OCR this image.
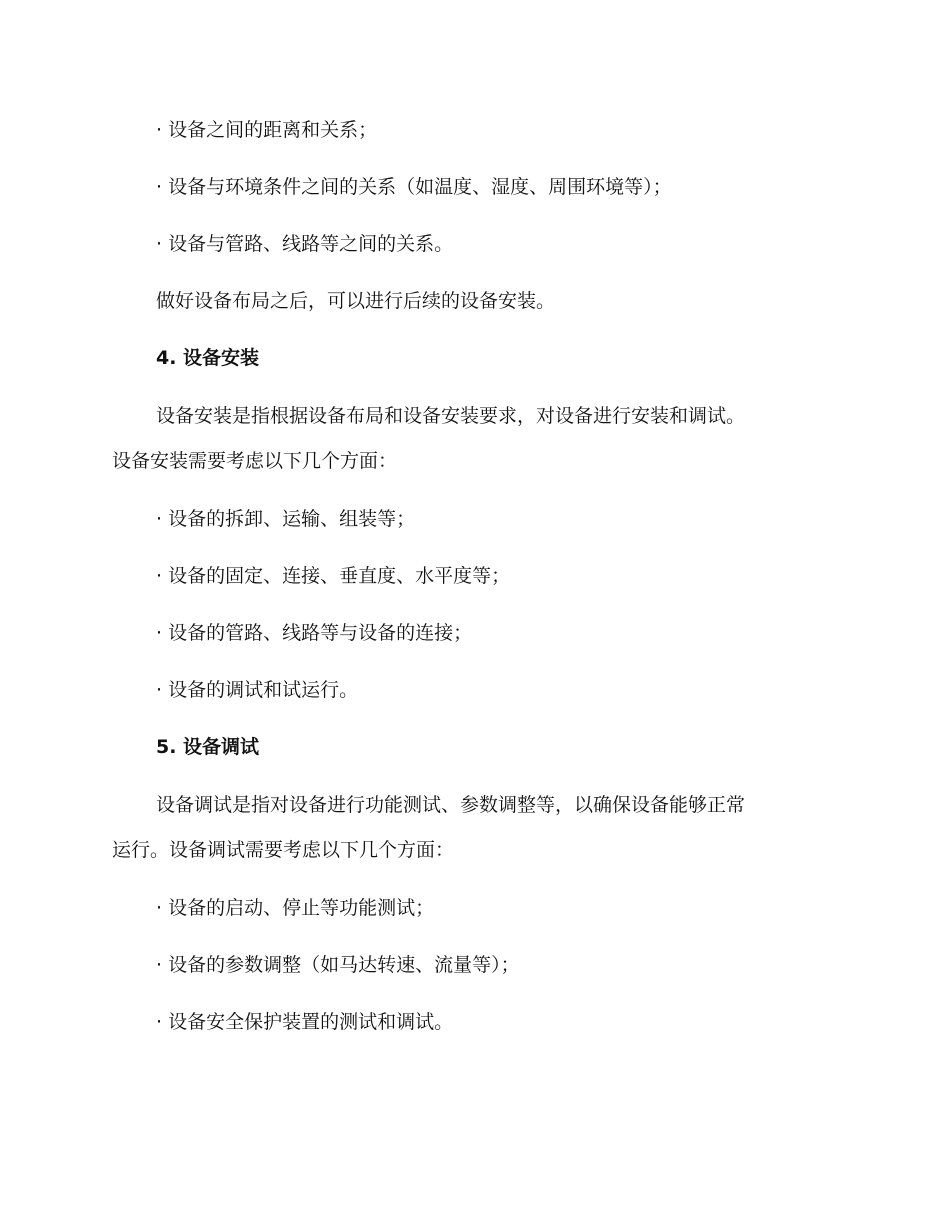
· 设备之间的距离和关系；
· 设备与环境条件之间的关系（如温度、湿度、周围环境等）；
· 设备与管路、线路等之间的关系。
做好设备布局之后，可以进行后续的设备安装。
4. 设备安装
设备安装是指根据设备布局和设备安装要求，对设备进行安装和调试。
设备安装需要考虑以下几个方面：
· 设备的拆卸、运输、组装等；
· 设备的固定、连接、垂直度、水平度等；
· 设备的管路、线路等与设备的连接；
· 设备的调试和试运行。
5. 设备调试
设备调试是指对设备进行功能测试、参数调整等，以确保设备能够正常
运行。设备调试需要考虑以下几个方面：
· 设备的启动、停止等功能测试；
· 设备的参数调整（如马达转速、流量等）；
· 设备安全保护装置的测试和调试。
